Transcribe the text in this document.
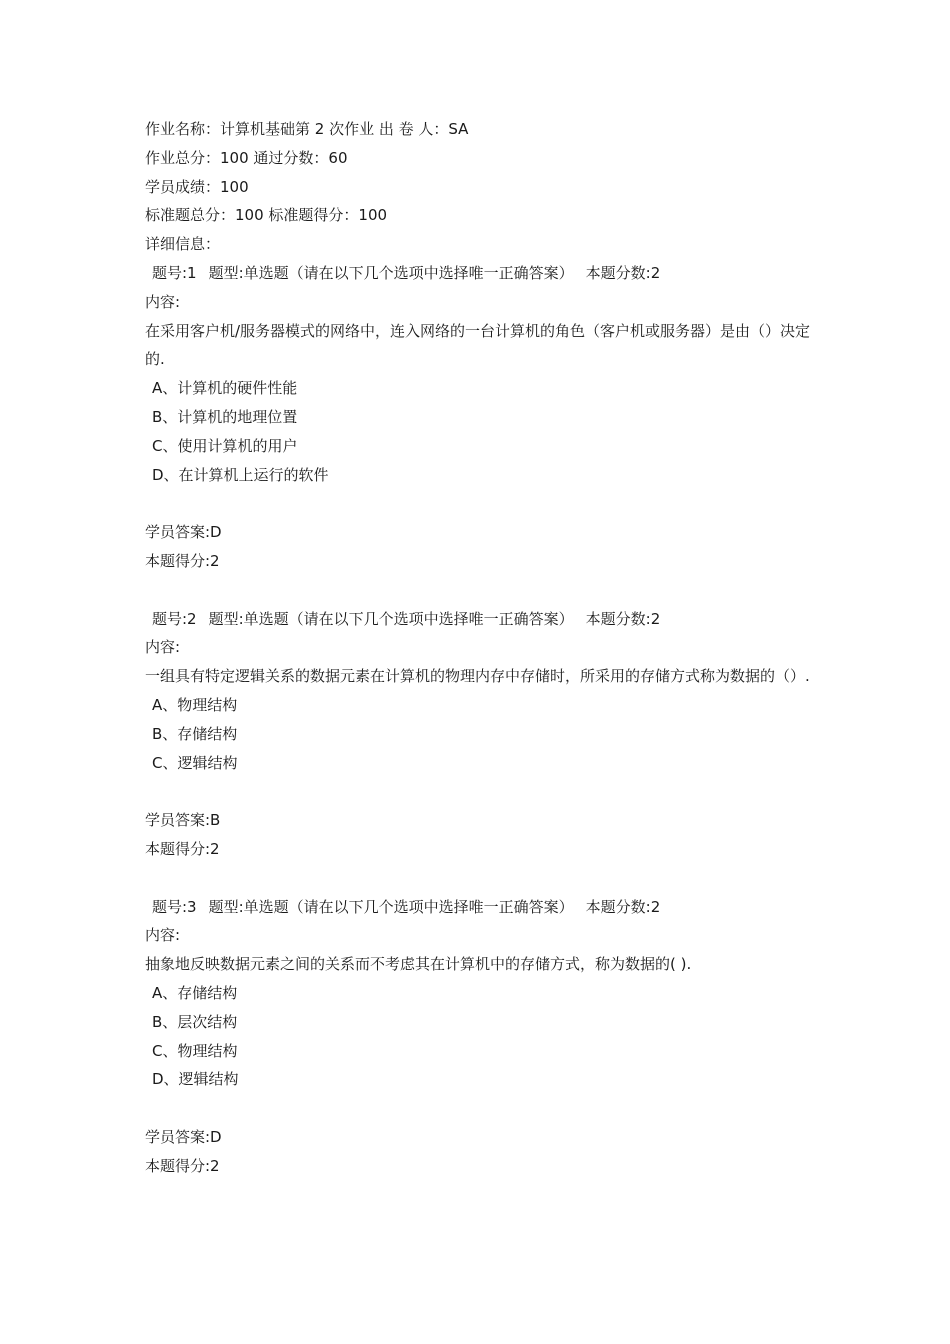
作业名称：计算机基础第 2 次作业 出 卷 人：SA
作业总分：100 通过分数：60
学员成绩：100
标准题总分：100 标准题得分：100
详细信息：
题号:1 题型:单选题（请在以下几个选项中选择唯一正确答案） 本题分数:2
内容:
在采用客户机/服务器模式的网络中，连入网络的一台计算机的角色（客户机或服务器）是由（）决定的.
A、计算机的硬件性能
B、计算机的地理位置
C、使用计算机的用户
D、在计算机上运行的软件
学员答案:D
本题得分:2
题号:2 题型:单选题（请在以下几个选项中选择唯一正确答案） 本题分数:2
内容:
一组具有特定逻辑关系的数据元素在计算机的物理内存中存储时，所采用的存储方式称为数据的（）.
A、物理结构
B、存储结构
C、逻辑结构
学员答案:B
本题得分:2
题号:3 题型:单选题（请在以下几个选项中选择唯一正确答案） 本题分数:2
内容:
抽象地反映数据元素之间的关系而不考虑其在计算机中的存储方式，称为数据的( ).
A、存储结构
B、层次结构
C、物理结构
D、逻辑结构
学员答案:D
本题得分:2
